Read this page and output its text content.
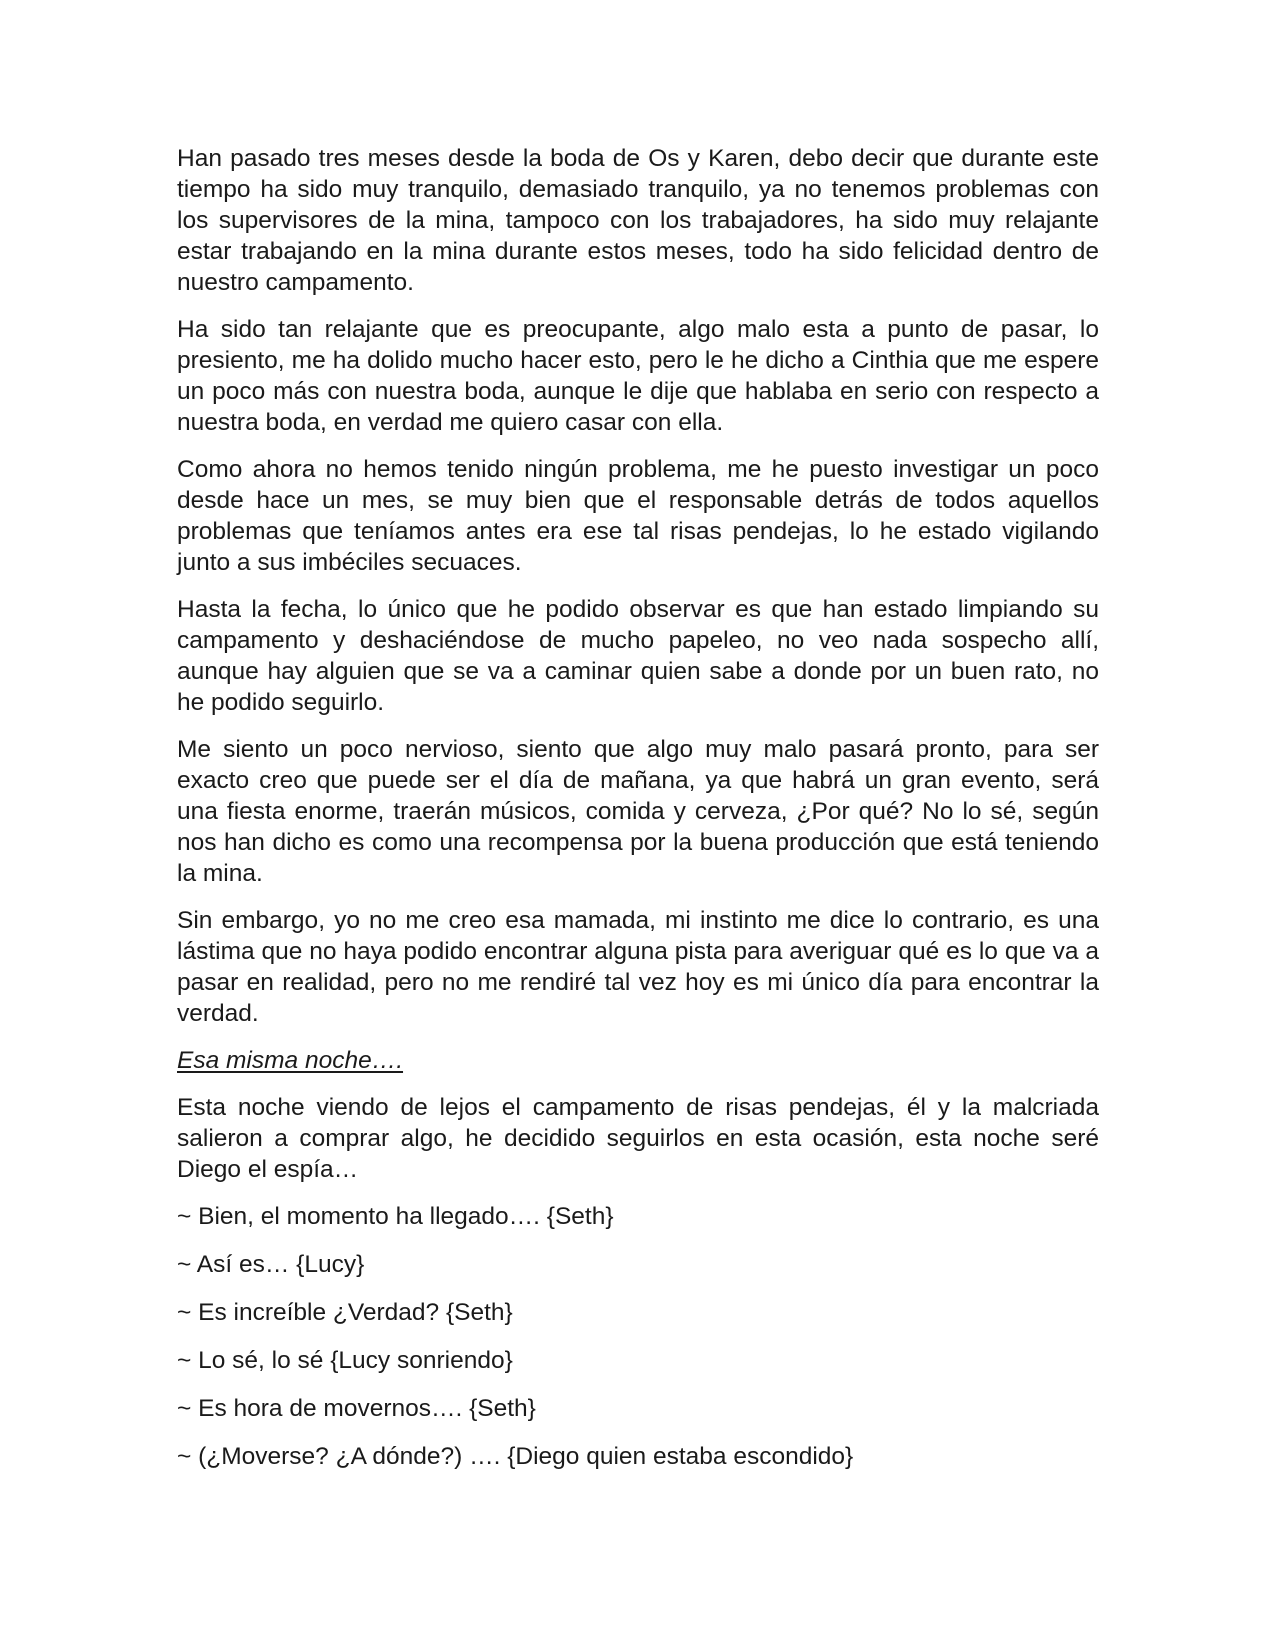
Han pasado tres meses desde la boda de Os y Karen, debo decir que durante este tiempo ha sido muy tranquilo, demasiado tranquilo, ya no tenemos problemas con los supervisores de la mina, tampoco con los trabajadores, ha sido muy relajante estar trabajando en la mina durante estos meses, todo ha sido felicidad dentro de nuestro campamento.

Ha sido tan relajante que es preocupante, algo malo esta a punto de pasar, lo presiento, me ha dolido mucho hacer esto, pero le he dicho a Cinthia que me espere un poco más con nuestra boda, aunque le dije que hablaba en serio con respecto a nuestra boda, en verdad me quiero casar con ella.

Como ahora no hemos tenido ningún problema, me he puesto investigar un poco desde hace un mes, se muy bien que el responsable detrás de todos aquellos problemas que teníamos antes era ese tal risas pendejas, lo he estado vigilando junto a sus imbéciles secuaces.

Hasta la fecha, lo único que he podido observar es que han estado limpiando su campamento y deshaciéndose de mucho papeleo, no veo nada sospecho allí, aunque hay alguien que se va a caminar quien sabe a donde por un buen rato, no he podido seguirlo.

Me siento un poco nervioso, siento que algo muy malo pasará pronto, para ser exacto creo que puede ser el día de mañana, ya que habrá un gran evento, será una fiesta enorme, traerán músicos, comida y cerveza, ¿Por qué? No lo sé, según nos han dicho es como una recompensa por la buena producción que está teniendo la mina.

Sin embargo, yo no me creo esa mamada, mi instinto me dice lo contrario, es una lástima que no haya podido encontrar alguna pista para averiguar qué es lo que va a pasar en realidad, pero no me rendiré tal vez hoy es mi único día para encontrar la verdad.

Esa misma noche….

Esta noche viendo de lejos el campamento de risas pendejas, él y la malcriada salieron a comprar algo, he decidido seguirlos en esta ocasión, esta noche seré Diego el espía…

~ Bien, el momento ha llegado…. {Seth}

~ Así es… {Lucy}

~ Es increíble ¿Verdad? {Seth}

~ Lo sé, lo sé {Lucy sonriendo}

~ Es hora de movernos…. {Seth}

~ (¿Moverse? ¿A dónde?) …. {Diego quien estaba escondido}
